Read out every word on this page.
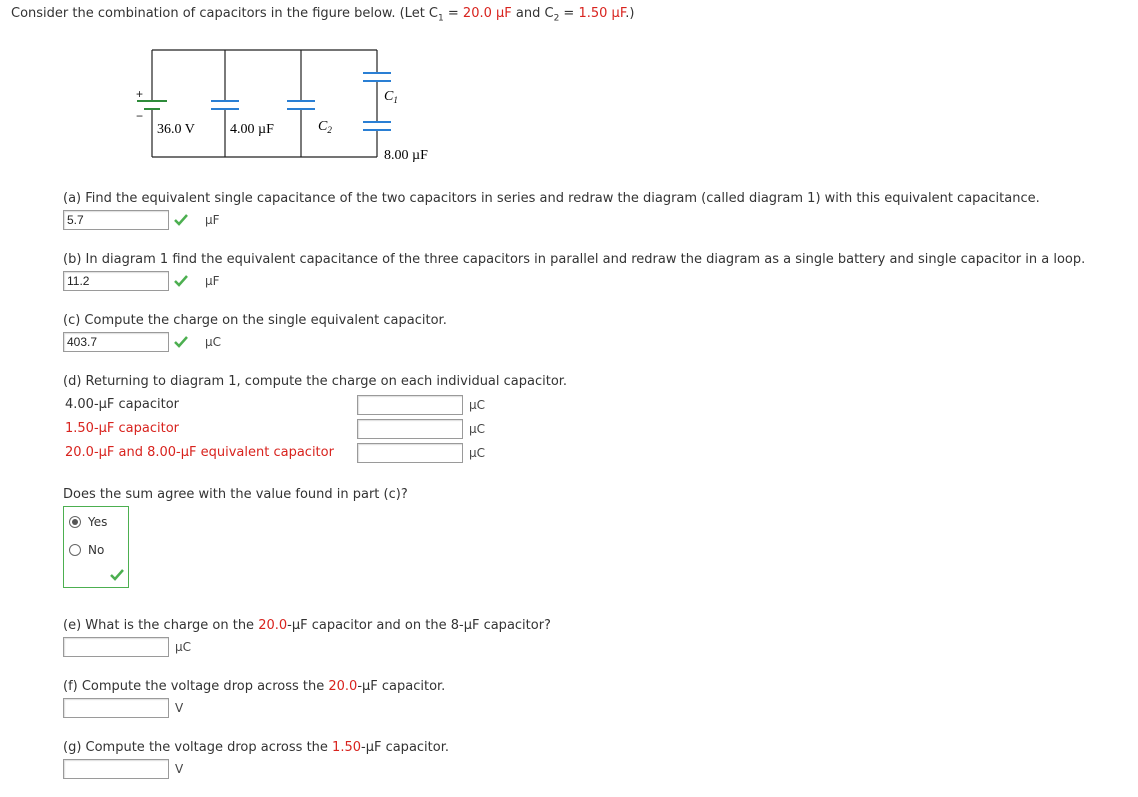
Consider the combination of capacitors in the figure below. (Let $C_1 = 20.0$ µF and $C_2 = 1.50$ µF.)
+
−
36.0 V	4.00 µF	$C_2$
$C_1$
8.00 µF
(a) Find the equivalent single capacitance of the two capacitors in series and redraw the diagram (called diagram 1) with this equivalent capacitance.
5.7	µF
(b) In diagram 1 find the equivalent capacitance of the three capacitors in parallel and redraw the diagram as a single battery and single capacitor in a loop.
11.2	µF
(c) Compute the charge on the single equivalent capacitor.
403.7	µC
(d) Returning to diagram 1, compute the charge on each individual capacitor.
4.00-µF capacitor	µC
1.50-µF capacitor	µC
20.0-µF and 8.00-µF equivalent capacitor	µC
Does the sum agree with the value found in part (c)?
Yes
No
(e) What is the charge on the 20.0-µF capacitor and on the 8-µF capacitor?
µC
(f) Compute the voltage drop across the 20.0-µF capacitor.
V
(g) Compute the voltage drop across the 1.50-µF capacitor.
V
